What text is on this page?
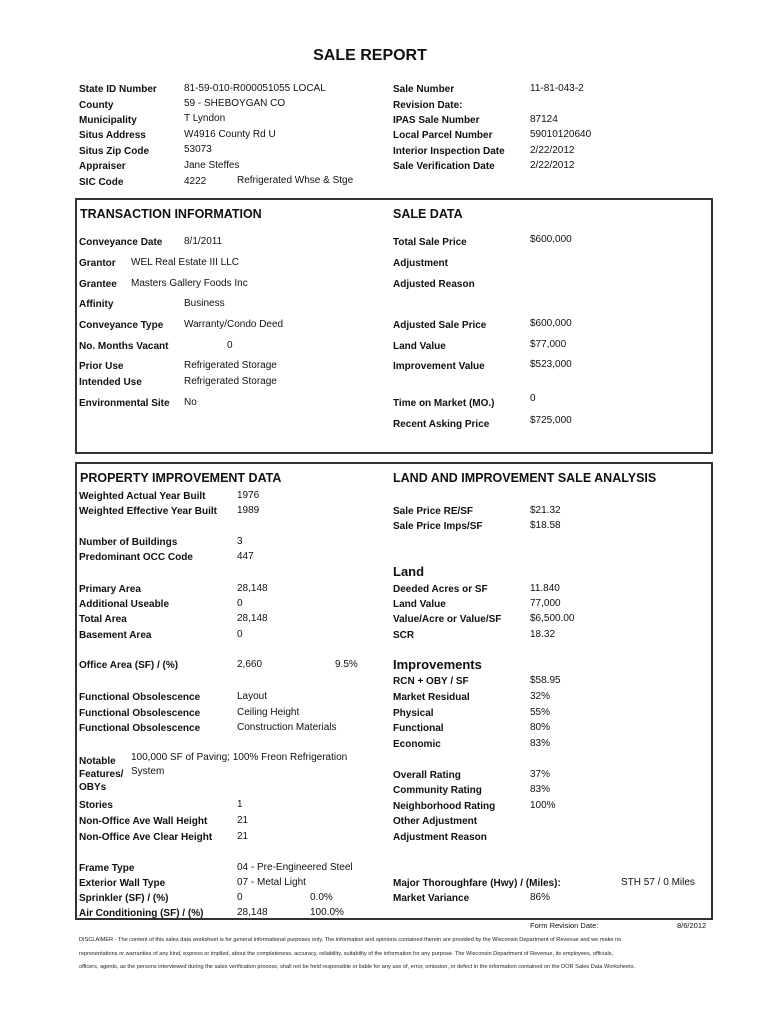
SALE REPORT
State ID Number	81-59-010-R000051055 LOCAL
County	59 - SHEBOYGAN CO
Municipality	T Lyndon
Situs Address	W4916 County Rd U
Situs Zip Code	53073
Appraiser	Jane Steffes
SIC Code	4222	Refrigerated Whse & Stge
Sale Number	11-81-043-2
Revision Date:
IPAS Sale Number	87124
Local Parcel Number	59010120640
Interior Inspection Date	2/22/2012
Sale Verification Date	2/22/2012
TRANSACTION INFORMATION	SALE DATA
Conveyance Date 8/1/2011
Grantor WEL Real Estate III LLC
Grantee Masters Gallery Foods Inc
Affinity	Business
Conveyance Type Warranty/Condo Deed
No. Months Vacant	0
Prior Use	Refrigerated Storage
Intended Use	Refrigerated Storage
Environmental Site No
Total Sale Price	$600,000
Adjustment
Adjusted Reason
Adjusted Sale Price	$600,000
Land Value	$77,000
Improvement Value	$523,000
Time on Market (MO.)	0
Recent Asking Price	$725,000
PROPERTY IMPROVEMENT DATA	LAND AND IMPROVEMENT SALE ANALYSIS
Weighted Actual Year Built	1976
Weighted Effective Year Built 1989
Number of Buildings	3
Predominant OCC Code	447
Primary Area	28,148
Additional Useable	0
Total Area	28,148
Basement Area	0
Office Area (SF) / (%)	2,660	9.5%
Functional Obsolescence	Layout
Functional Obsolescence	Ceiling Height
Functional Obsolescence	Construction Materials
Notable
Features/
OBYs
100,000 SF of Paving; 100% Freon Refrigeration
System
Stories	1
Non-Office Ave Wall Height	21
Non-Office Ave Clear Height 21
Frame Type	04 - Pre-Engineered Steel
Exterior Wall Type	07 - Metal Light
Sprinkler (SF) / (%)	0	0.0%
Air Conditioning (SF) / (%)	28,148	100.0%
Sale Price RE/SF	$21.32
Sale Price Imps/SF	$18.58
Land
Deeded Acres or SF	11.840
Land Value	77,000
Value/Acre or Value/SF	$6,500.00
SCR	18.32
Improvements
RCN + OBY / SF	$58.95
Market Residual	32%
Physical	55%
Functional	80%
Economic	83%
Overall Rating	37%
Community Rating	83%
Neighborhood Rating	100%
Other Adjustment
Adjustment Reason
Major Thoroughfare (Hwy) / (Miles):	STH 57 / 0 Miles
Market Variance	86%
Form Revision Date:	8/6/2012
DISCLAIMER - The content of this sales data worksheet is for general informational purposes only. The information and opinions contained therein are provided by the Wisconsin Department of Revenue and we make no
representations or warranties of any kind, express or implied, about the completeness, accuracy, reliability, suitability of the information for any purpose. The Wisconsin Department of Revenue, its employees, officials,
officers, agents, as the persons interviewed during the sales verification process, shall not be held responsible or liable for any use of, error, omission, or defect in the information contained on the DOR Sales Data Worksheets.
